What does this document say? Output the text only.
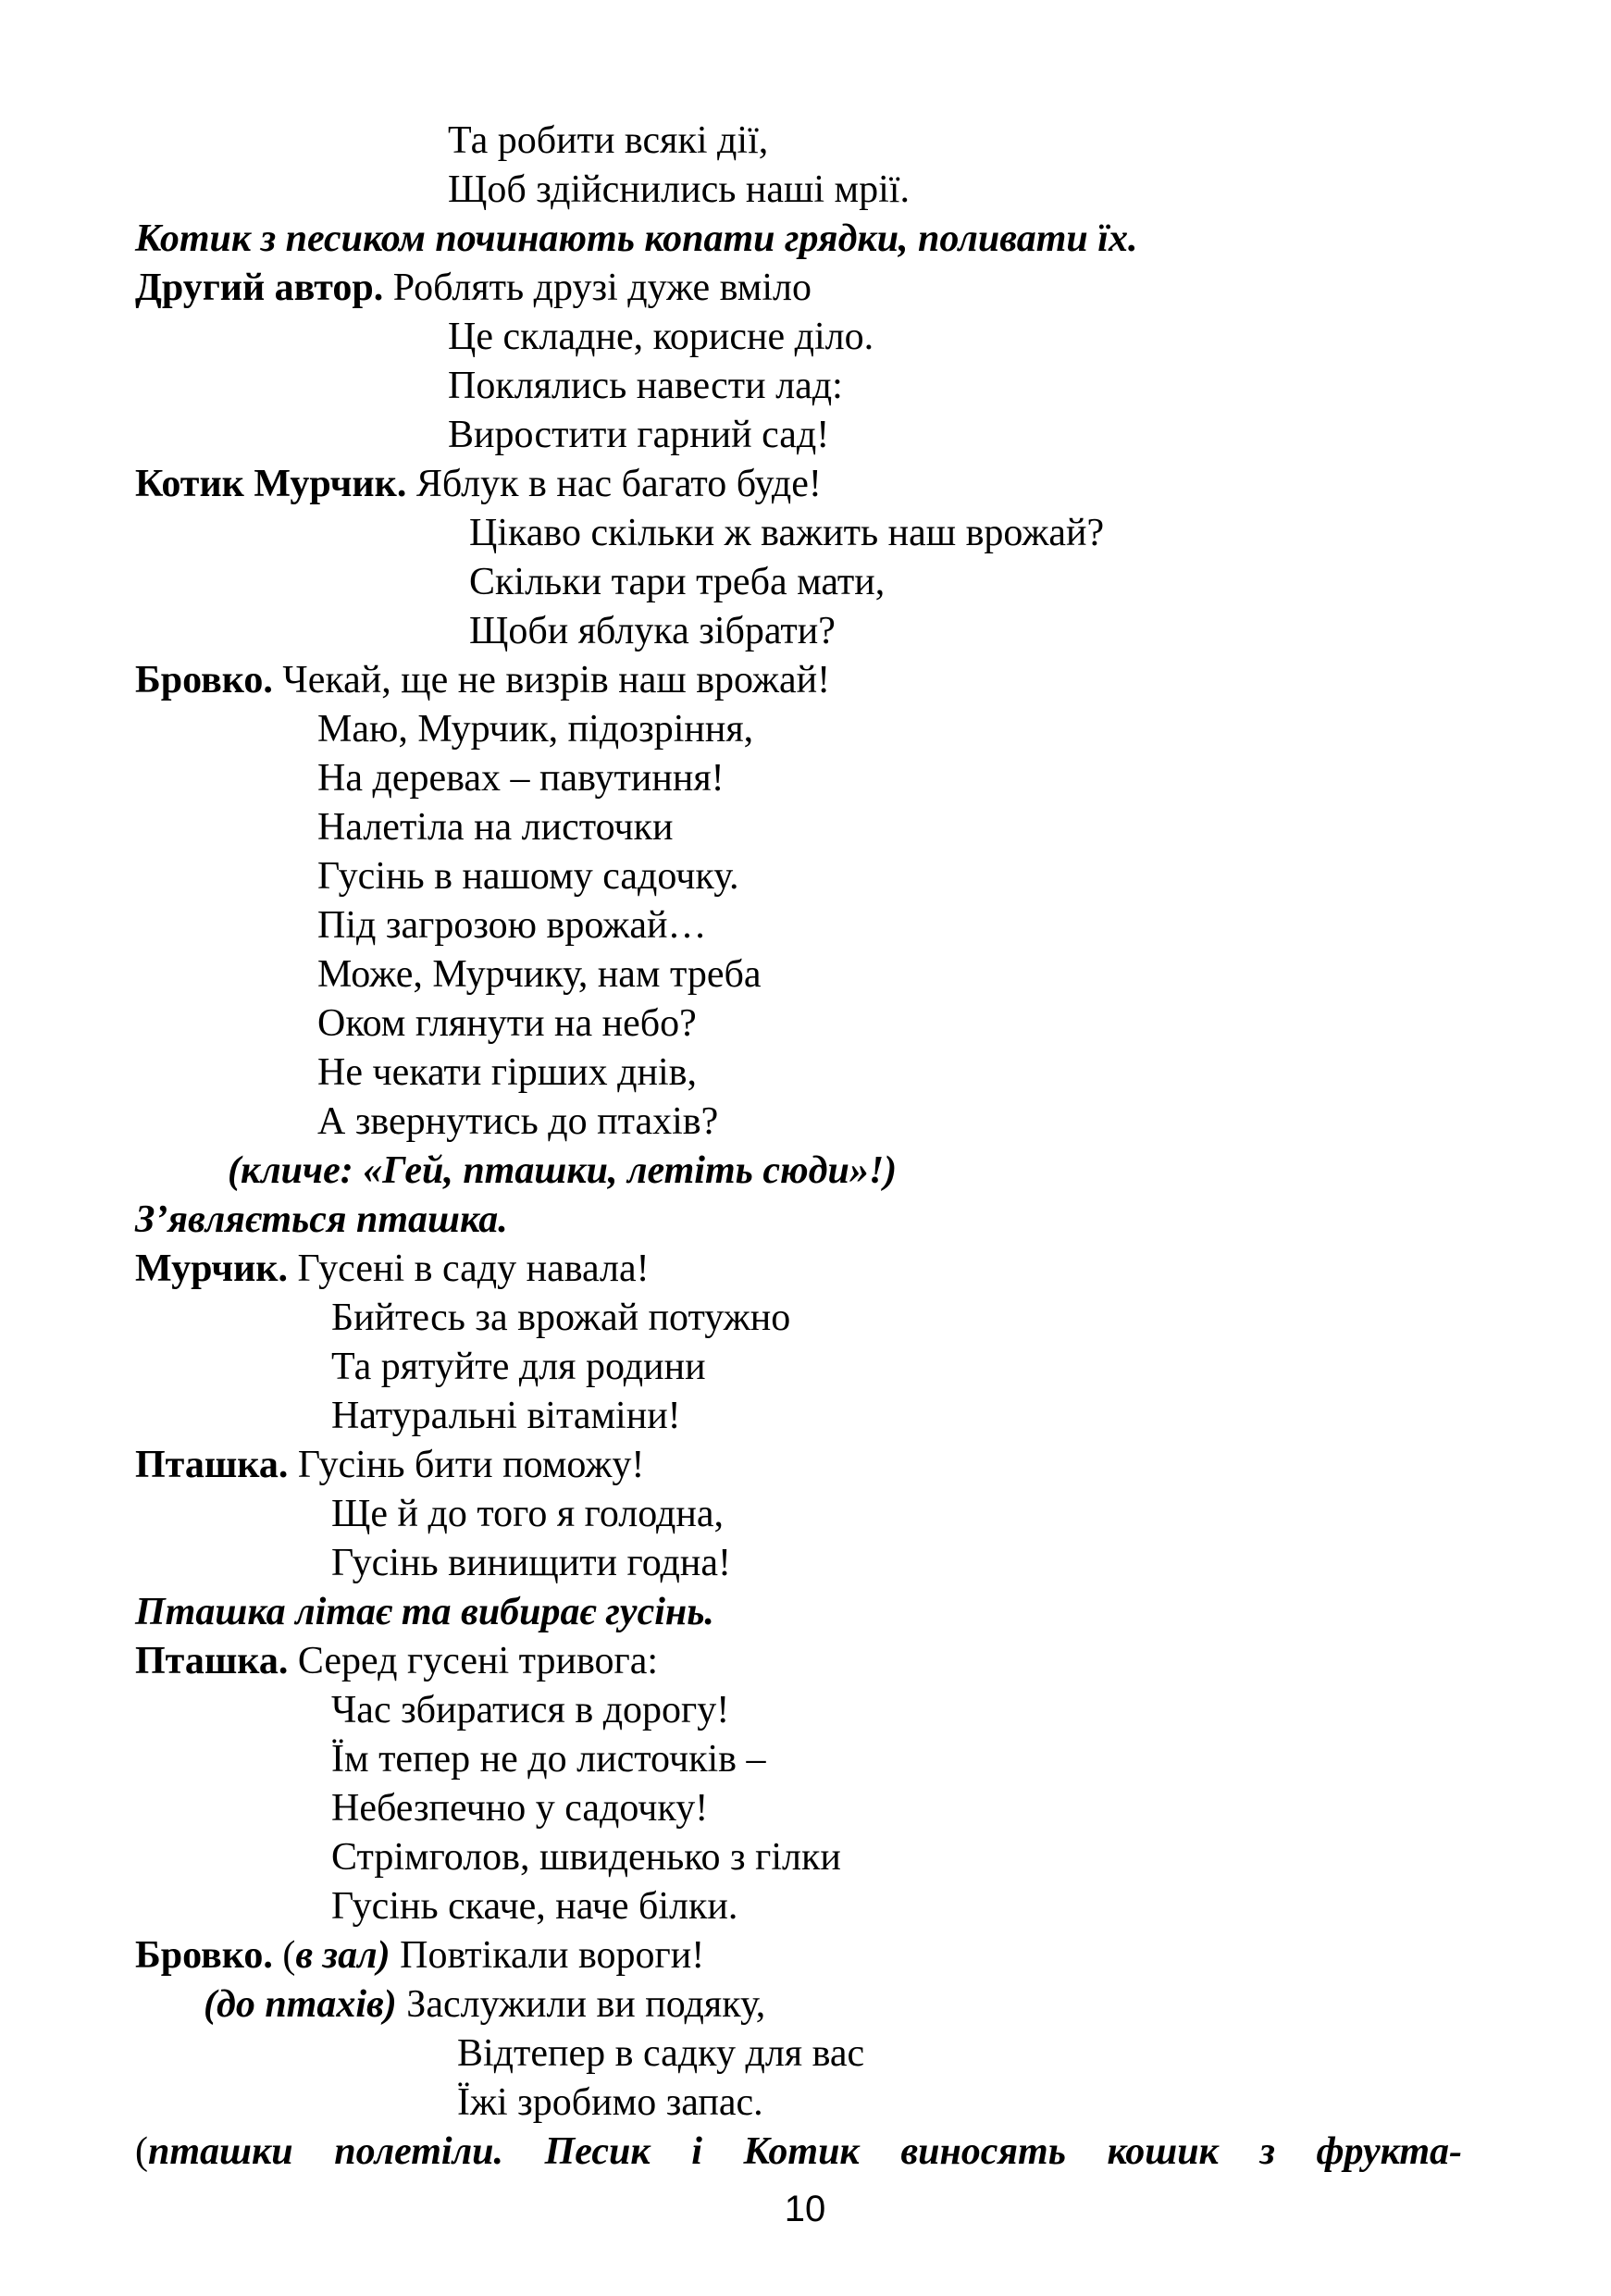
Та робити всякі дії,
Щоб здійснились наші мрії.
Котик з песиком починають копати грядки, поливати їх.
Другий автор. Роблять друзі дуже вміло
Це складне, корисне діло.
Поклялись навести лад:
Виростити гарний сад!
Котик Мурчик. Яблук в нас багато буде!
Цікаво скільки ж важить наш врожай?
Скільки тари треба мати,
Щоби яблука зібрати?
Бровко. Чекай, ще не визрів наш врожай!
Маю, Мурчик, підозріння,
На деревах – павутиння!
Налетіла на листочки
Гусінь в нашому садочку.
Під загрозою врожай…
Може, Мурчику, нам треба
Оком глянути на небо?
Не чекати гірших днів,
А звернутись до птахів?
(кличе: «Гей, пташки, летіть сюди»!)
З’являється пташка.
Мурчик. Гусені в саду навала!
Бийтесь за врожай потужно
Та рятуйте для родини
Натуральні вітаміни!
Пташка. Гусінь бити поможу!
Ще й до того я голодна,
Гусінь винищити годна!
Пташка літає та вибирає гусінь.
Пташка. Серед гусені тривога:
Час збиратися в дорогу!
Їм тепер не до листочків –
Небезпечно у садочку!
Стрімголов, швиденько з гілки
Гусінь скаче, наче білки.
Бровко. (в зал) Повтікали вороги!
(до птахів) Заслужили ви подяку,
Відтепер в садку для вас
Їжі зробимо запас.
(пташки полетіли. Песик і Котик виносять кошик з фрукта-
10
